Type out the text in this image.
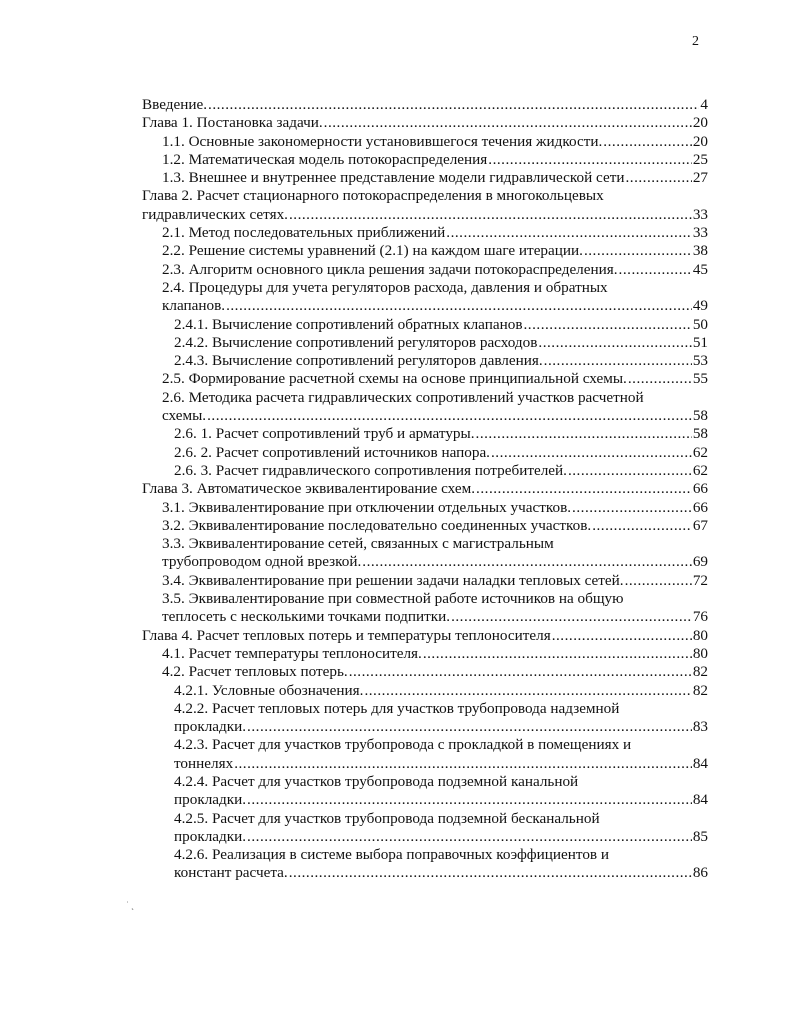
2
Введение. .....	4
Глава 1. Постановка задачи. .....	20
1.1. Основные закономерности установившегося течения жидкости. .....	20
1.2. Математическая модель потокораспределения .....	25
1.3. Внешнее и внутреннее представление модели гидравлической сети .....	27
Глава 2. Расчет стационарного потокораспределения в многокольцевых
гидравлических сетях. .....	33
2.1. Метод последовательных приближений .....	33
2.2. Решение системы уравнений (2.1) на каждом шаге итерации. .....	38
2.3. Алгоритм основного цикла решения задачи потокораспределения. .....	45
2.4. Процедуры для учета регуляторов расхода, давления и обратных
клапанов. .....	49
2.4.1. Вычисление сопротивлений обратных клапанов .....	50
2.4.2. Вычисление сопротивлений регуляторов расходов .....	51
2.4.3. Вычисление сопротивлений регуляторов давления. .....	53
2.5. Формирование расчетной схемы на основе принципиальной схемы. .....	55
2.6. Методика расчета гидравлических сопротивлений участков расчетной
схемы. .....	58
2.6. 1. Расчет сопротивлений труб и арматуры. .....	58
2.6. 2. Расчет сопротивлений источников напора. .....	62
2.6. 3. Расчет гидравлического сопротивления потребителей. .....	62
Глава 3. Автоматическое эквивалентирование схем. .....	66
3.1. Эквивалентирование при отключении отдельных участков. .....	66
3.2. Эквивалентирование последовательно соединенных участков. .....	67
3.3. Эквивалентирование сетей, связанных с магистральным
трубопроводом одной врезкой. .....	69
3.4. Эквивалентирование при решении задачи наладки тепловых сетей. .....	72
3.5. Эквивалентирование при совместной работе источников на общую
теплосеть с несколькими точками подпитки. .....	76
Глава 4. Расчет тепловых потерь и температуры теплоносителя .....	80
4.1. Расчет температуры теплоносителя. .....	80
4.2. Расчет тепловых потерь. .....	82
4.2.1. Условные обозначения. .....	82
4.2.2. Расчет тепловых потерь для участков трубопровода надземной
прокладки. .....	83
4.2.3. Расчет для участков трубопровода с прокладкой в помещениях и
тоннелях .....	84
4.2.4. Расчет для участков трубопровода подземной канальной
прокладки. .....	84
4.2.5. Расчет для участков трубопровода подземной бесканальной
прокладки. .....	85
4.2.6. Реализация в системе выбора поправочных коэффициентов и
констант расчета. .....	86
˙ ˛
